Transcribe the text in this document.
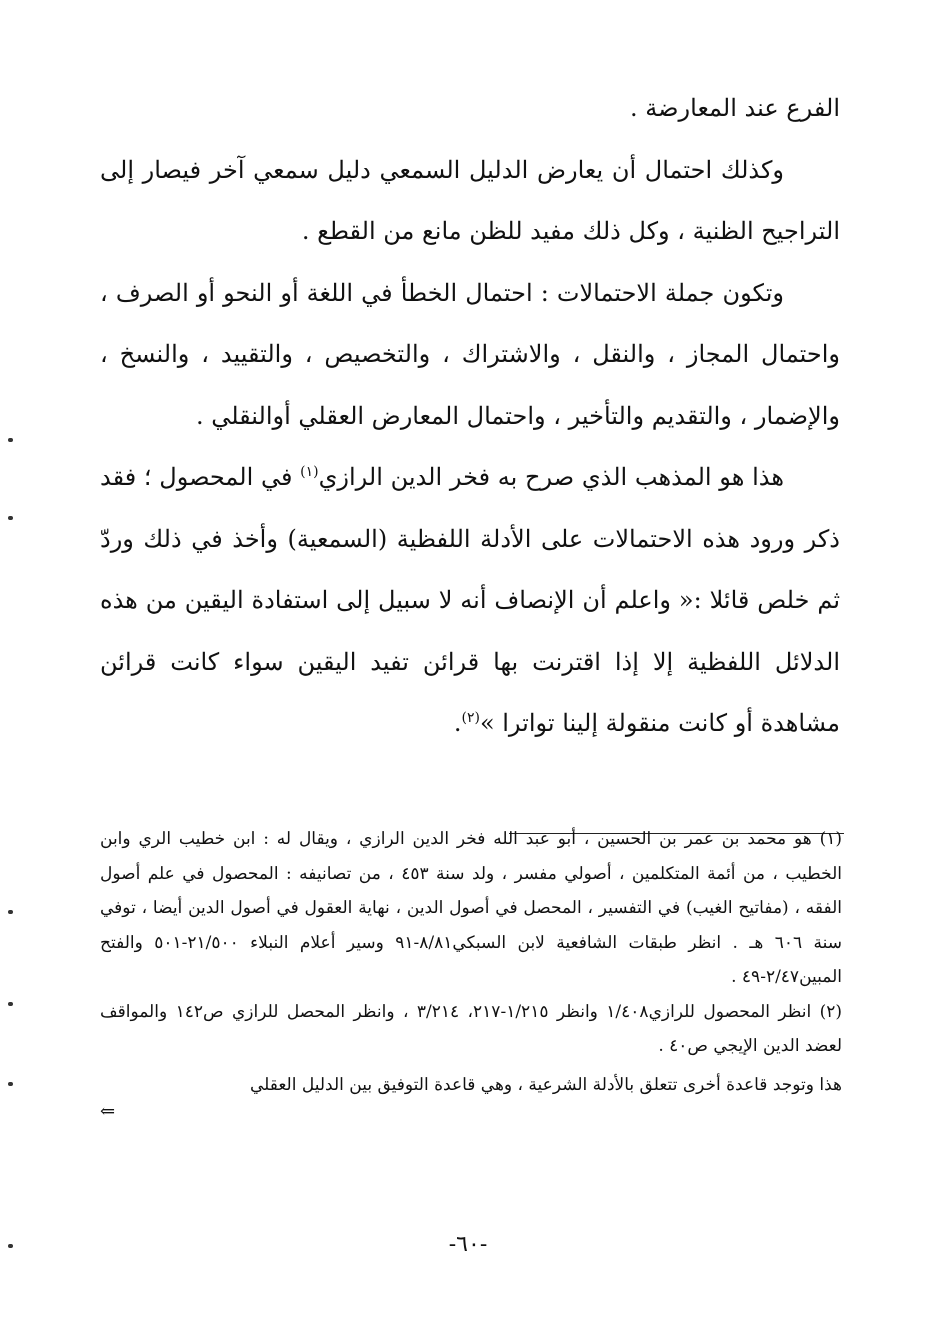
الفرع عند المعارضة .

وكذلك احتمال أن يعارض الدليل السمعي دليل سمعي آخر فيصار إلى التراجيح الظنية ، وكل ذلك مفيد للظن مانع من القطع .

وتكون جملة الاحتمالات : احتمال الخطأ في اللغة أو النحو أو الصرف ، واحتمال المجاز ، والنقل ، والاشتراك ، والتخصيص ، والتقييد ، والنسخ ، والإضمار ، والتقديم والتأخير ، واحتمال المعارض العقلي أوالنقلي .

هذا هو المذهب الذي صرح به فخر الدين الرازي$^{(١)}$ في المحصول ؛ فقد ذكر ورود هذه الاحتمالات على الأدلة اللفظية (السمعية) وأخذ في ذلك وردّ ثم خلص قائلا :« واعلم أن الإنصاف أنه لا سبيل إلى استفادة اليقين من هذه الدلائل اللفظية إلا إذا اقترنت بها قرائن تفيد اليقين سواء كانت قرائن مشاهدة أو كانت منقولة إلينا تواترا »$^{(٢)}$.

(١) هو محمد بن عمر بن الحسين ، أبو عبد الله فخر الدين الرازي ، ويقال له : ابن خطيب الري وابن الخطيب ، من أئمة المتكلمين ، أصولي مفسر ، ولد سنة ٤٥٣ ، من تصانيفه : المحصول في علم أصول الفقه ، (مفاتيح الغيب) في التفسير ، المحصل في أصول الدين ، نهاية العقول في أصول الدين أيضا ، توفي سنة ٦٠٦ هـ . انظر طبقات الشافعية لابن السبكي٨/٨١-٩١ وسير أعلام النبلاء ٢١/٥٠٠-٥٠١ والفتح المبين٢/٤٧-٤٩ .

(٢) انظر المحصول للرازي١/٤٠٨ وانظر ١/٢١٥-٢١٧، ٣/٢١٤ ، وانظر المحصل للرازي ص١٤٢ والمواقف لعضد الدين الإيجي ص٤٠ .

هذا وتوجد قاعدة أخرى تتعلق بالأدلة الشرعية ، وهي قاعدة التوفيق بين الدليل العقلي

⇐
-٦٠-
